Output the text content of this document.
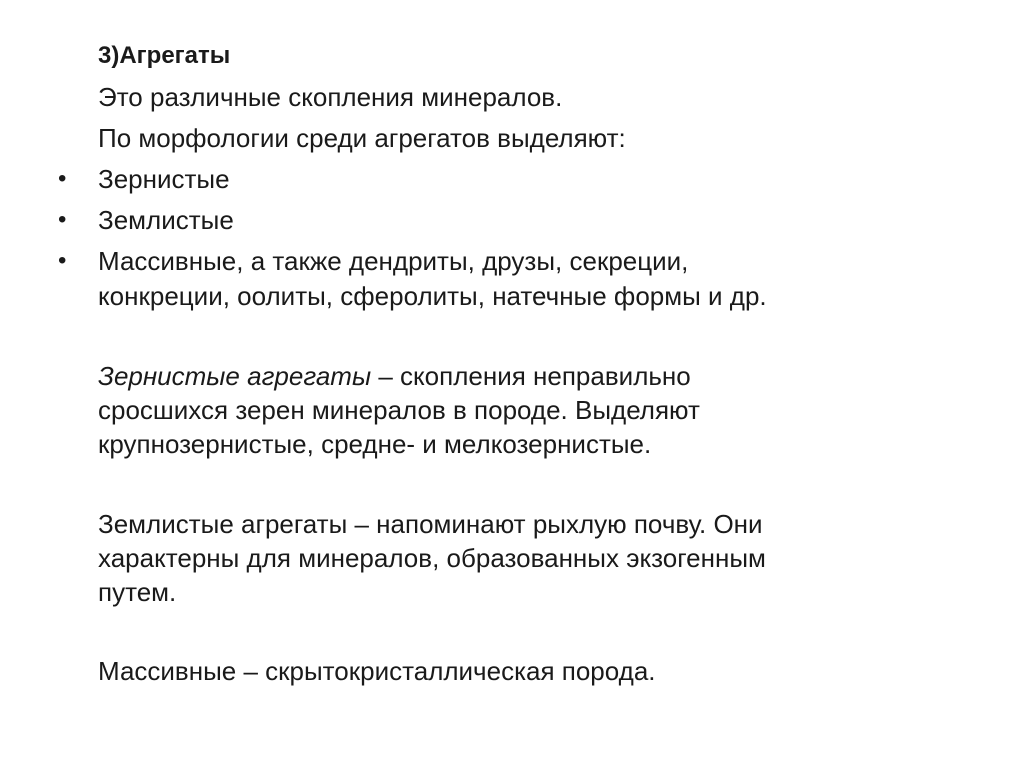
3)Агрегаты
Это различные скопления минералов.
По морфологии среди агрегатов выделяют:
• Зернистые
• Землистые
• Массивные, а также дендриты, друзы, секреции,
конкреции, оолиты, сферолиты, натечные формы и др.
Зернистые агрегаты – скопления неправильно
сросшихся зерен минералов в породе. Выделяют
крупнозернистые, средне- и мелкозернистые.
Землистые агрегаты – напоминают рыхлую почву. Они
характерны для минералов, образованных экзогенным
путем.
Массивные – скрытокристаллическая порода.
